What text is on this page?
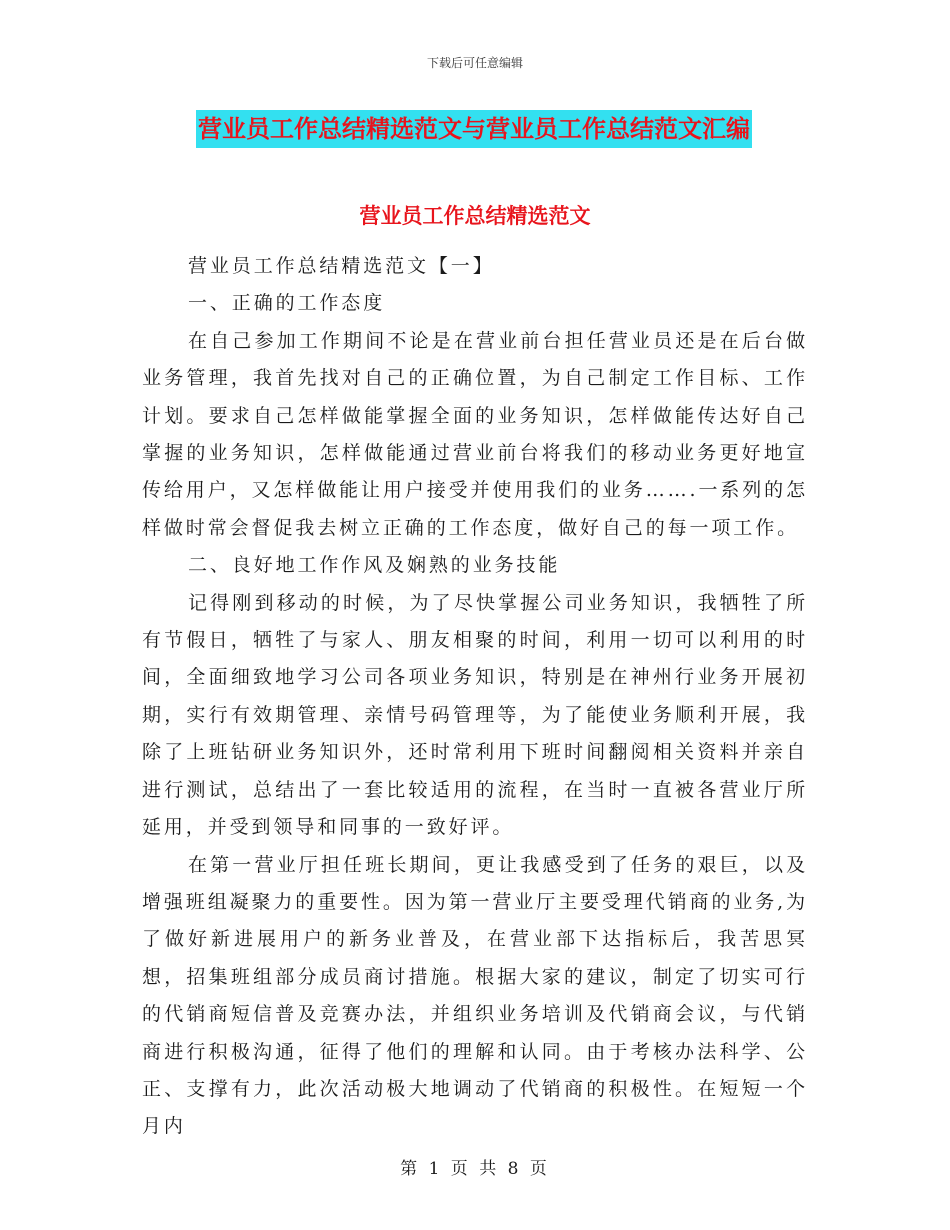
下载后可任意编辑
营业员工作总结精选范文与营业员工作总结范文汇编
营业员工作总结精选范文

营业员工作总结精选范文【一】

一、正确的工作态度

在自己参加工作期间不论是在营业前台担任营业员还是在后台做业务管理，我首先找对自己的正确位置，为自己制定工作目标、工作计划。要求自己怎样做能掌握全面的业务知识，怎样做能传达好自己掌握的业务知识，怎样做能通过营业前台将我们的移动业务更好地宣传给用户，又怎样做能让用户接受并使用我们的业务…….一系列的怎样做时常会督促我去树立正确的工作态度，做好自己的每一项工作。

二、良好地工作作风及娴熟的业务技能

记得刚到移动的时候，为了尽快掌握公司业务知识，我牺牲了所有节假日，牺牲了与家人、朋友相聚的时间，利用一切可以利用的时间，全面细致地学习公司各项业务知识，特别是在神州行业务开展初期，实行有效期管理、亲情号码管理等，为了能使业务顺利开展，我除了上班钻研业务知识外，还时常利用下班时间翻阅相关资料并亲自进行测试，总结出了一套比较适用的流程，在当时一直被各营业厅所延用，并受到领导和同事的一致好评。

在第一营业厅担任班长期间，更让我感受到了任务的艰巨，以及增强班组凝聚力的重要性。因为第一营业厅主要受理代销商的业务,为了做好新进展用户的新务业普及，在营业部下达指标后，我苦思冥想，招集班组部分成员商讨措施。根据大家的建议，制定了切实可行的代销商短信普及竞赛办法，并组织业务培训及代销商会议，与代销商进行积极沟通，征得了他们的理解和认同。由于考核办法科学、公正、支撑有力，此次活动极大地调动了代销商的积极性。在短短一个月内

第 1 页 共 8 页
